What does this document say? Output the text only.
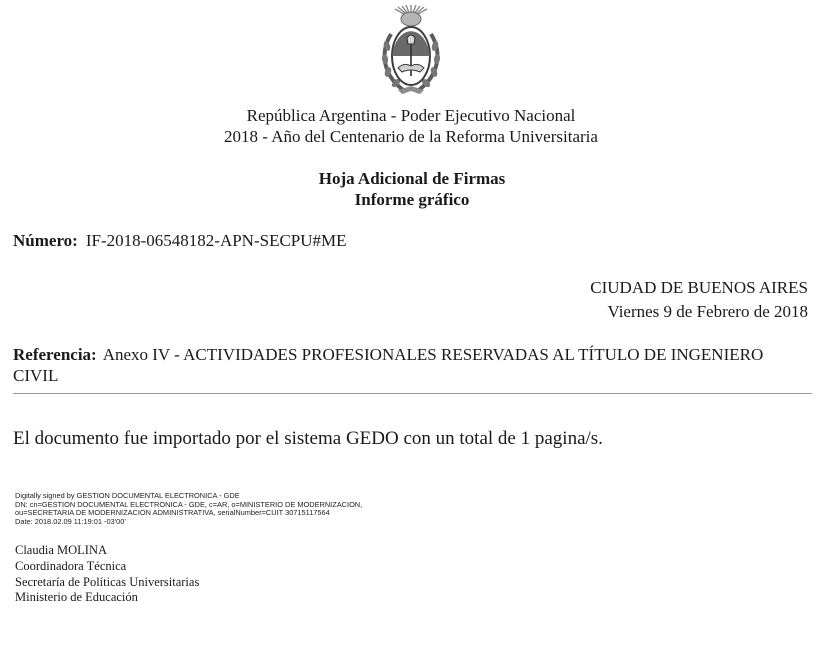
República Argentina - Poder Ejecutivo Nacional
2018 - Año del Centenario de la Reforma Universitaria
Hoja Adicional de Firmas
Informe gráfico
Número: IF-2018-06548182-APN-SECPU#ME
CIUDAD DE BUENOS AIRES
Viernes 9 de Febrero de 2018
Referencia: Anexo IV - ACTIVIDADES PROFESIONALES RESERVADAS AL TÍTULO DE INGENIERO CIVIL
El documento fue importado por el sistema GEDO con un total de 1 pagina/s.
Digitally signed by GESTION DOCUMENTAL ELECTRONICA - GDE
DN: cn=GESTION DOCUMENTAL ELECTRONICA - GDE, c=AR, o=MINISTERIO DE MODERNIZACION,
ou=SECRETARIA DE MODERNIZACION ADMINISTRATIVA, serialNumber=CUIT 30715117564
Date: 2018.02.09 11:19:01 -03'00'
Claudia MOLINA
Coordinadora Técnica
Secretaría de Políticas Universitarias
Ministerio de Educación
